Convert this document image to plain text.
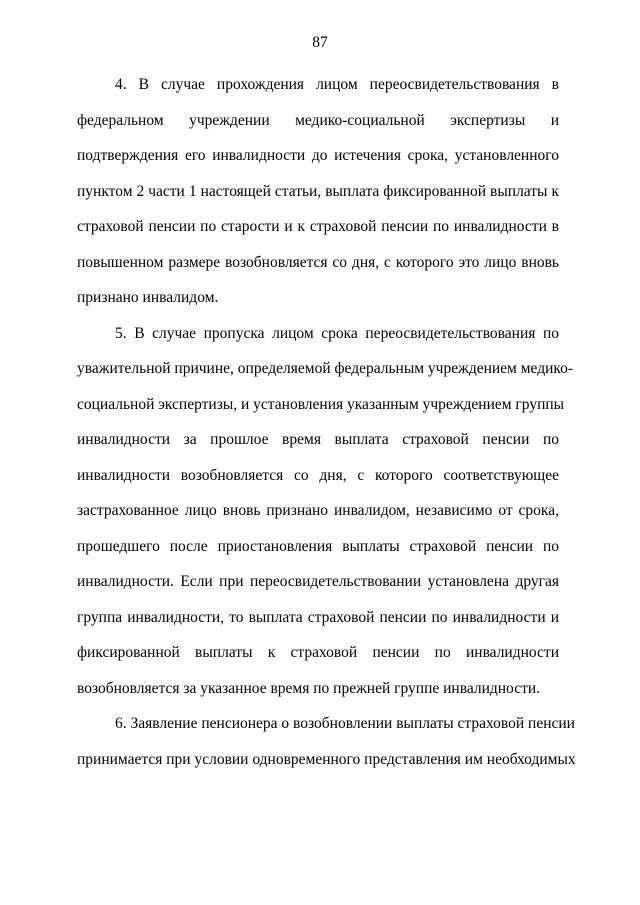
87

4. В случае прохождения лицом переосвидетельствования в
федеральном учреждении медико-социальной экспертизы и
подтверждения его инвалидности до истечения срока, установленного
пунктом 2 части 1 настоящей статьи, выплата фиксированной выплаты к
страховой пенсии по старости и к страховой пенсии по инвалидности в
повышенном размере возобновляется со дня, с которого это лицо вновь
признано инвалидом.

5. В случае пропуска лицом срока переосвидетельствования по
уважительной причине, определяемой федеральным учреждением медико-
социальной экспертизы, и установления указанным учреждением группы
инвалидности за прошлое время выплата страховой пенсии по
инвалидности возобновляется со дня, с которого соответствующее
застрахованное лицо вновь признано инвалидом, независимо от срока,
прошедшего после приостановления выплаты страховой пенсии по
инвалидности. Если при переосвидетельствовании установлена другая
группа инвалидности, то выплата страховой пенсии по инвалидности и
фиксированной выплаты к страховой пенсии по инвалидности
возобновляется за указанное время по прежней группе инвалидности.

6. Заявление пенсионера о возобновлении выплаты страховой пенсии
принимается при условии одновременного представления им необходимых
